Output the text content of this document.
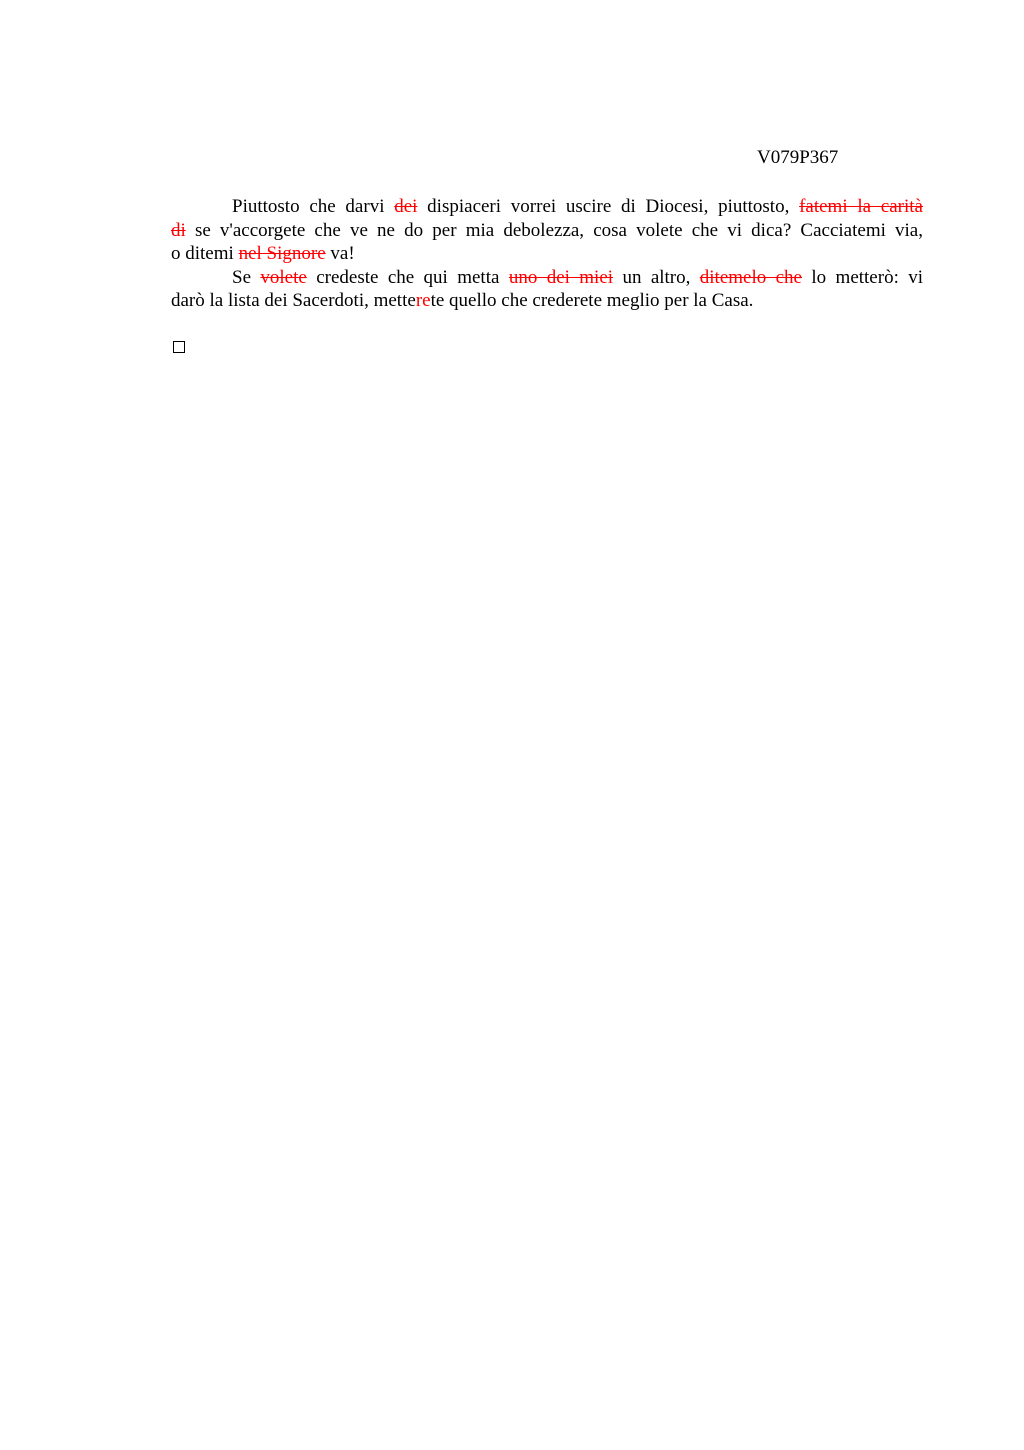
V079P367
Piuttosto che darvi dei dispiaceri vorrei uscire di Diocesi, piuttosto, fatemi la carità
di se v'accorgete che ve ne do per mia debolezza, cosa volete che vi dica? Cacciatemi via,
o ditemi nel Signore va!
Se volete credeste che qui metta uno dei miei un altro, ditemelo che lo metterò: vi
darò la lista dei Sacerdoti, metterete quello che crederete meglio per la Casa.
